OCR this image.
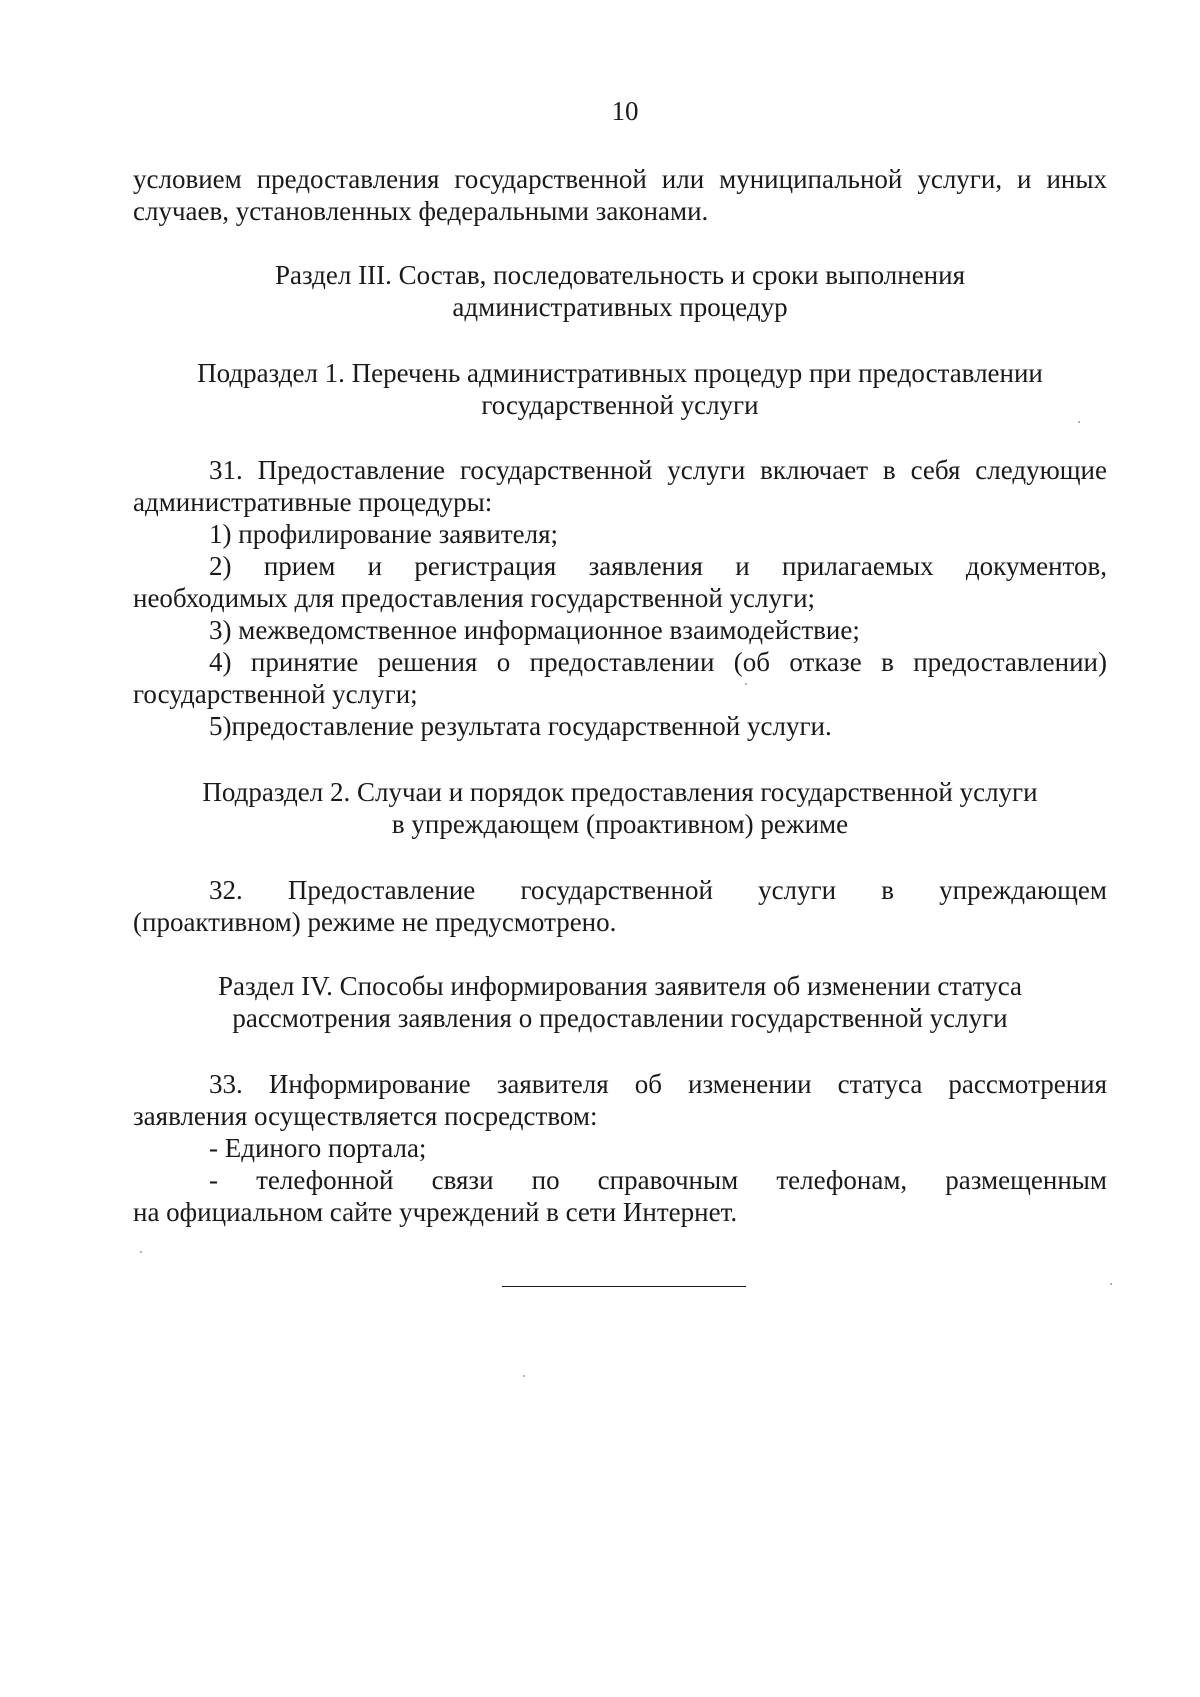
10
условием предоставления государственной или муниципальной услуги, и иных
случаев, установленных федеральными законами.
Раздел III. Состав, последовательность и сроки выполнения
административных процедур
Подраздел 1. Перечень административных процедур при предоставлении
государственной услуги
31. Предоставление государственной услуги включает в себя следующие
административные процедуры:
1) профилирование заявителя;
2) прием и регистрация заявления и прилагаемых документов,
необходимых для предоставления государственной услуги;
3) межведомственное информационное взаимодействие;
4) принятие решения о предоставлении (об отказе в предоставлении)
государственной услуги;
5)предоставление результата государственной услуги.
Подраздел 2. Случаи и порядок предоставления государственной услуги
в упреждающем (проактивном) режиме
32. Предоставление государственной услуги в упреждающем
(проактивном) режиме не предусмотрено.
Раздел IV. Способы информирования заявителя об изменении статуса
рассмотрения заявления о предоставлении государственной услуги
33. Информирование заявителя об изменении статуса рассмотрения
заявления осуществляется посредством:
- Единого портала;
- телефонной связи по справочным телефонам, размещенным
на официальном сайте учреждений в сети Интернет.
